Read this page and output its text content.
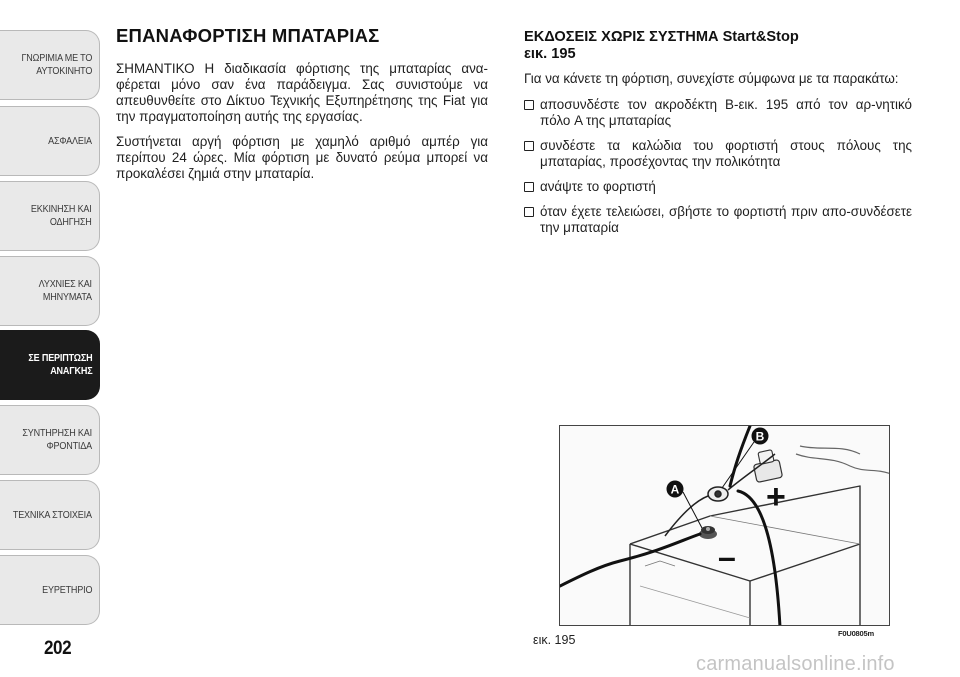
ΓΝΩΡΙΜΙΑ ΜΕ ΤΟ
ΑΥΤΟΚΙΝΗΤΟ
ΑΣΦΑΛΕΙΑ
ΕΚΚΙΝΗΣΗ ΚΑΙ
ΟΔΗΓΗΣΗ
ΛΥΧΝΙΕΣ ΚΑΙ
ΜΗΝΥΜΑΤΑ
ΣΕ ΠΕΡΙΠΤΩΣΗ
ΑΝΑΓΚΗΣ
ΣΥΝΤΗΡΗΣΗ ΚΑΙ
ΦΡΟΝΤΙΔΑ
ΤΕΧΝΙΚΑ ΣΤΟΙΧΕΙΑ
ΕΥΡΕΤΗΡΙΟ
202
ΕΠΑΝΑΦΟΡΤΙΣΗ ΜΠΑΤΑΡΙΑΣ

ΣΗΜΑΝΤΙΚΟ Η διαδικασία φόρτισης της μπαταρίας ανα-φέρεται μόνο σαν ένα παράδειγμα. Σας συνιστούμε να απευθυνθείτε στο Δίκτυο Τεχνικής Εξυπηρέτησης της Fiat για την πραγματοποίηση αυτής της εργασίας.

Συστήνεται αργή φόρτιση με χαμηλό αριθμό αμπέρ για περίπου 24 ώρες. Μία φόρτιση με δυνατό ρεύμα μπορεί να προκαλέσει ζημιά στην μπαταρία.

ΕΚΔΟΣΕΙΣ ΧΩΡΙΣ ΣΥΣΤΗΜΑ Start&Stop
εικ. 195

Για να κάνετε τη φόρτιση, συνεχίστε σύμφωνα με τα παρακάτω:

αποσυνδέστε τον ακροδέκτη B-εικ. 195 από τον αρ-νητικό πόλο A της μπαταρίας
συνδέστε τα καλώδια του φορτιστή στους πόλους της μπαταρίας, προσέχοντας την πολικότητα
ανάψτε το φορτιστή
όταν έχετε τελειώσει, σβήστε το φορτιστή πριν απο-συνδέσετε την μπαταρία
+
–
A
B
εικ. 195	F0U0805m
carmanualsonline.info
